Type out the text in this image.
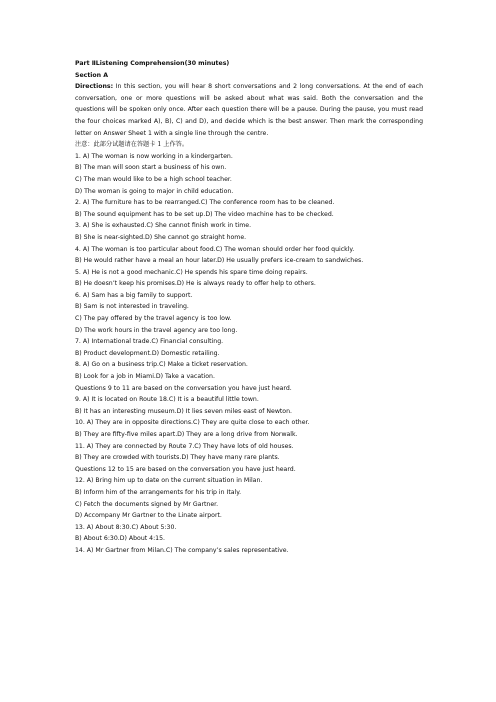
Part ⅡListening Comprehension(30 minutes)
Section A
Directions: In this section, you will hear 8 short conversations and 2 long conversations. At the end of each conversation, one or more questions will be asked about what was said. Both the conversation and the questions will be spoken only once. After each question there will be a pause. During the pause, you must read the four choices marked A), B), C) and D), and decide which is the best answer. Then mark the corresponding letter on Answer Sheet 1 with a single line through the centre.
注意：此部分试题请在答题卡 1 上作答。
1. A) The woman is now working in a kindergarten.
B) The man will soon start a business of his own.
C) The man would like to be a high school teacher.
D) The woman is going to major in child education.
2. A) The furniture has to be rearranged.C) The conference room has to be cleaned.
B) The sound equipment has to be set up.D) The video machine has to be checked.
3. A) She is exhausted.C) She cannot finish work in time.
B) She is near-sighted.D) She cannot go straight home.
4. A) The woman is too particular about food.C) The woman should order her food quickly.
B) He would rather have a meal an hour later.D) He usually prefers ice-cream to sandwiches.
5. A) He is not a good mechanic.C) He spends his spare time doing repairs.
B) He doesn’t keep his promises.D) He is always ready to offer help to others.
6. A) Sam has a big family to support.
B) Sam is not interested in traveling.
C) The pay offered by the travel agency is too low.
D) The work hours in the travel agency are too long.
7. A) International trade.C) Financial consulting.
B) Product development.D) Domestic retailing.
8. A) Go on a business trip.C) Make a ticket reservation.
B) Look for a job in Miami.D) Take a vacation.
Questions 9 to 11 are based on the conversation you have just heard.
9. A) It is located on Route 18.C) It is a beautiful little town.
B) It has an interesting museum.D) It lies seven miles east of Newton.
10. A) They are in opposite directions.C) They are quite close to each other.
B) They are fifty-five miles apart.D) They are a long drive from Norwalk.
11. A) They are connected by Route 7.C) They have lots of old houses.
B) They are crowded with tourists.D) They have many rare plants.
Questions 12 to 15 are based on the conversation you have just heard.
12. A) Bring him up to date on the current situation in Milan.
B) Inform him of the arrangements for his trip in Italy.
C) Fetch the documents signed by Mr Gartner.
D) Accompany Mr Gartner to the Linate airport.
13. A) About 8:30.C) About 5:30.
B) About 6:30.D) About 4:15.
14. A) Mr Gartner from Milan.C) The company’s sales representative.
